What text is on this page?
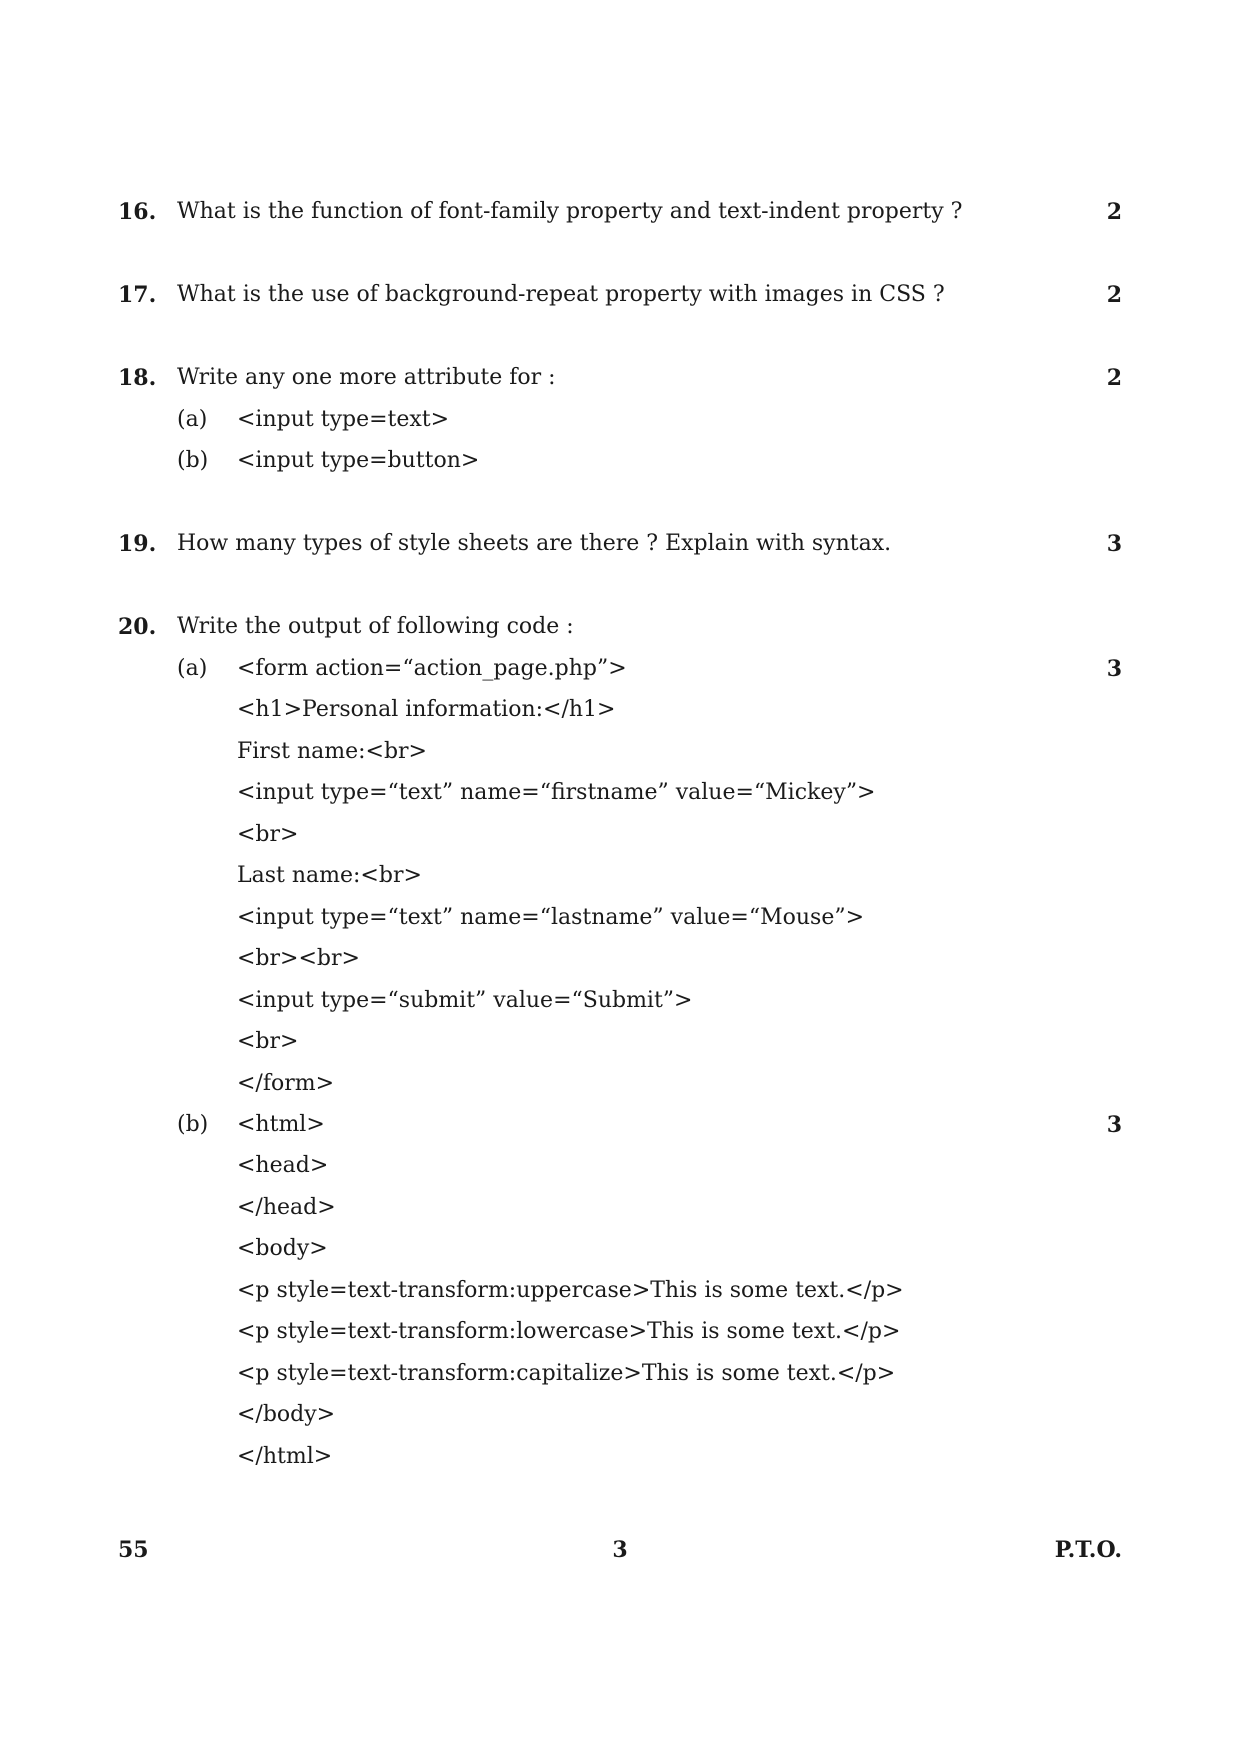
16. What is the function of font-family property and text-indent property ?	2
17. What is the use of background-repeat property with images in CSS ?	2
18. Write any one more attribute for :	2
(a) <input type=text>
(b) <input type=button>
19. How many types of style sheets are there ? Explain with syntax.	3
20. Write the output of following code :
(a) <form action=“action_page.php”>	3
<h1>Personal information:</h1>
First name:<br>
<input type=“text” name=“firstname” value=“Mickey”>
<br>
Last name:<br>
<input type=“text” name=“lastname” value=“Mouse”>
<br><br>
<input type=“submit” value=“Submit”>
<br>
</form>
(b) <html>	3
<head>
</head>
<body>
<p style=text-transform:uppercase>This is some text.</p>
<p style=text-transform:lowercase>This is some text.</p>
<p style=text-transform:capitalize>This is some text.</p>
</body>
</html>
55	3	P.T.O.
